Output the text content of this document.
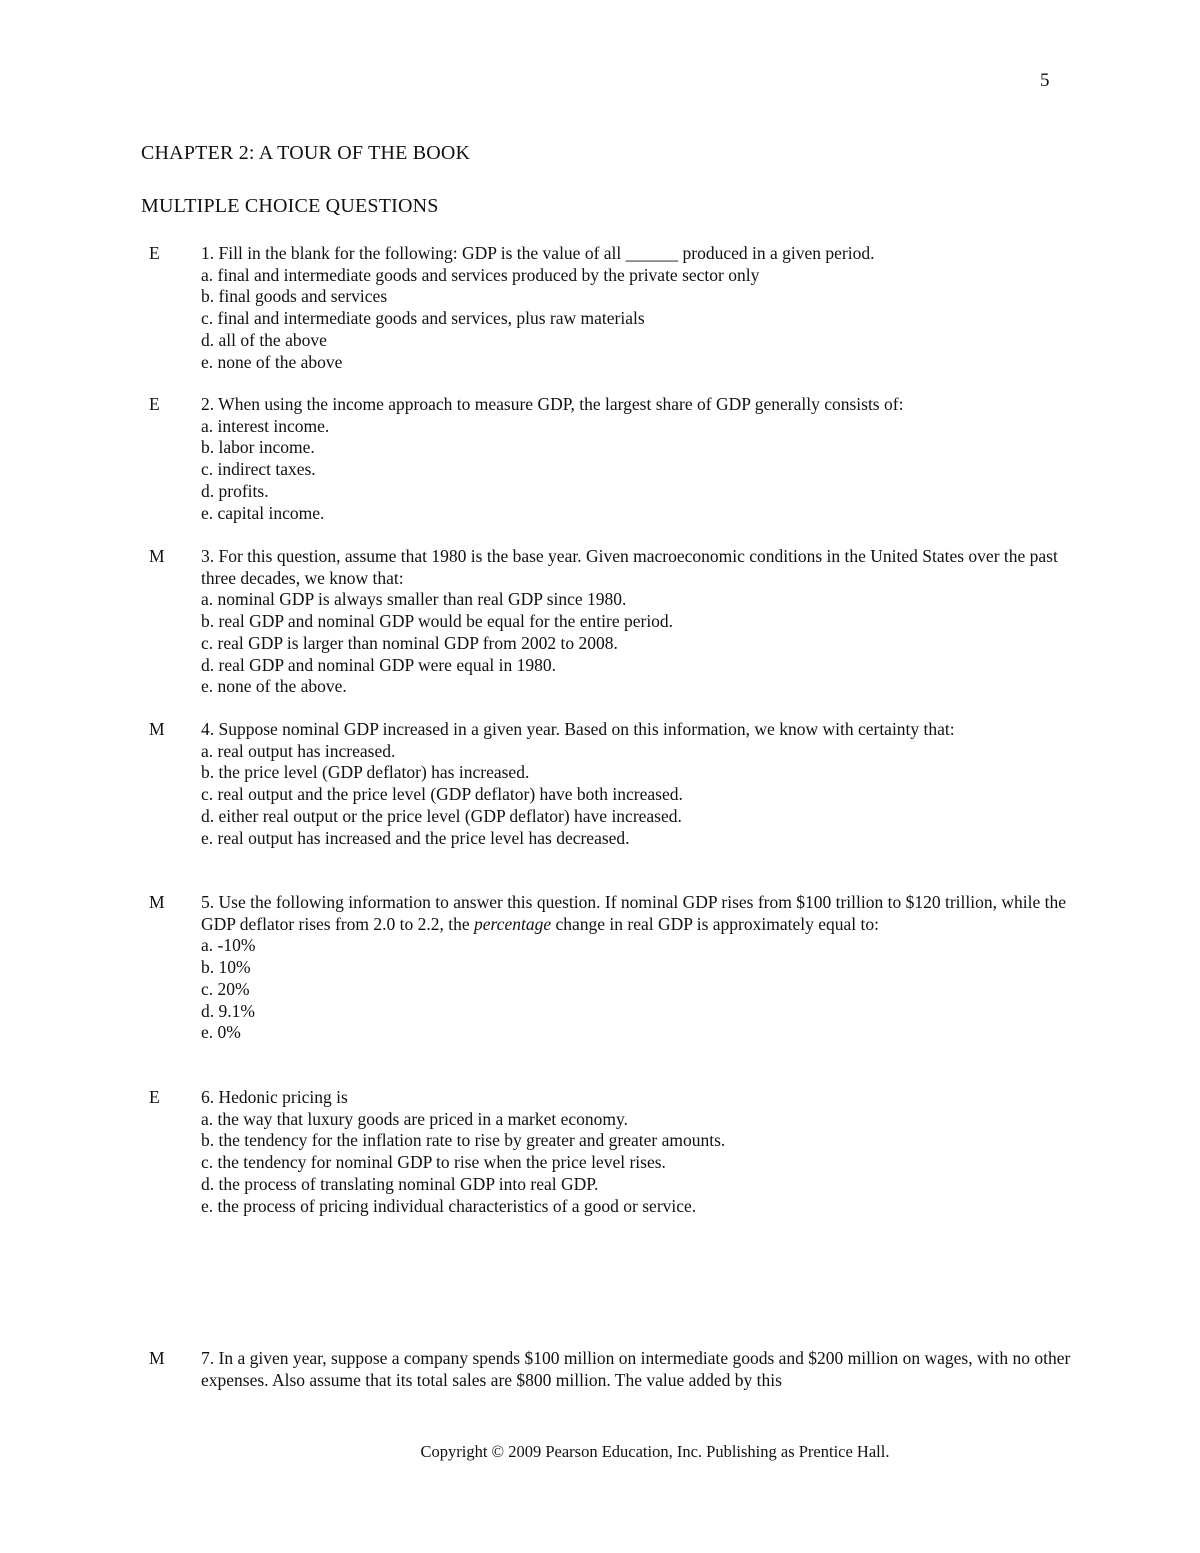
5
CHAPTER 2: A TOUR OF THE BOOK
MULTIPLE CHOICE QUESTIONS
E 1. Fill in the blank for the following: GDP is the value of all ______ produced in a given period.
a. final and intermediate goods and services produced by the private sector only
b. final goods and services
c. final and intermediate goods and services, plus raw materials
d. all of the above
e. none of the above
E 2. When using the income approach to measure GDP, the largest share of GDP generally consists of:
a. interest income.
b. labor income.
c. indirect taxes.
d. profits.
e. capital income.
M 3. For this question, assume that 1980 is the base year. Given macroeconomic conditions in the United States over the past three decades, we know that:
a. nominal GDP is always smaller than real GDP since 1980.
b. real GDP and nominal GDP would be equal for the entire period.
c. real GDP is larger than nominal GDP from 2002 to 2008.
d. real GDP and nominal GDP were equal in 1980.
e. none of the above.
M 4. Suppose nominal GDP increased in a given year. Based on this information, we know with certainty that:
a. real output has increased.
b. the price level (GDP deflator) has increased.
c. real output and the price level (GDP deflator) have both increased.
d. either real output or the price level (GDP deflator) have increased.
e. real output has increased and the price level has decreased.
M 5. Use the following information to answer this question. If nominal GDP rises from $100 trillion to $120 trillion, while the GDP deflator rises from 2.0 to 2.2, the percentage change in real GDP is approximately equal to:
a. -10%
b. 10%
c. 20%
d. 9.1%
e. 0%
E 6. Hedonic pricing is
a. the way that luxury goods are priced in a market economy.
b. the tendency for the inflation rate to rise by greater and greater amounts.
c. the tendency for nominal GDP to rise when the price level rises.
d. the process of translating nominal GDP into real GDP.
e. the process of pricing individual characteristics of a good or service.
M 7. In a given year, suppose a company spends $100 million on intermediate goods and $200 million on wages, with no other expenses. Also assume that its total sales are $800 million. The value added by this
Copyright © 2009 Pearson Education, Inc. Publishing as Prentice Hall.
